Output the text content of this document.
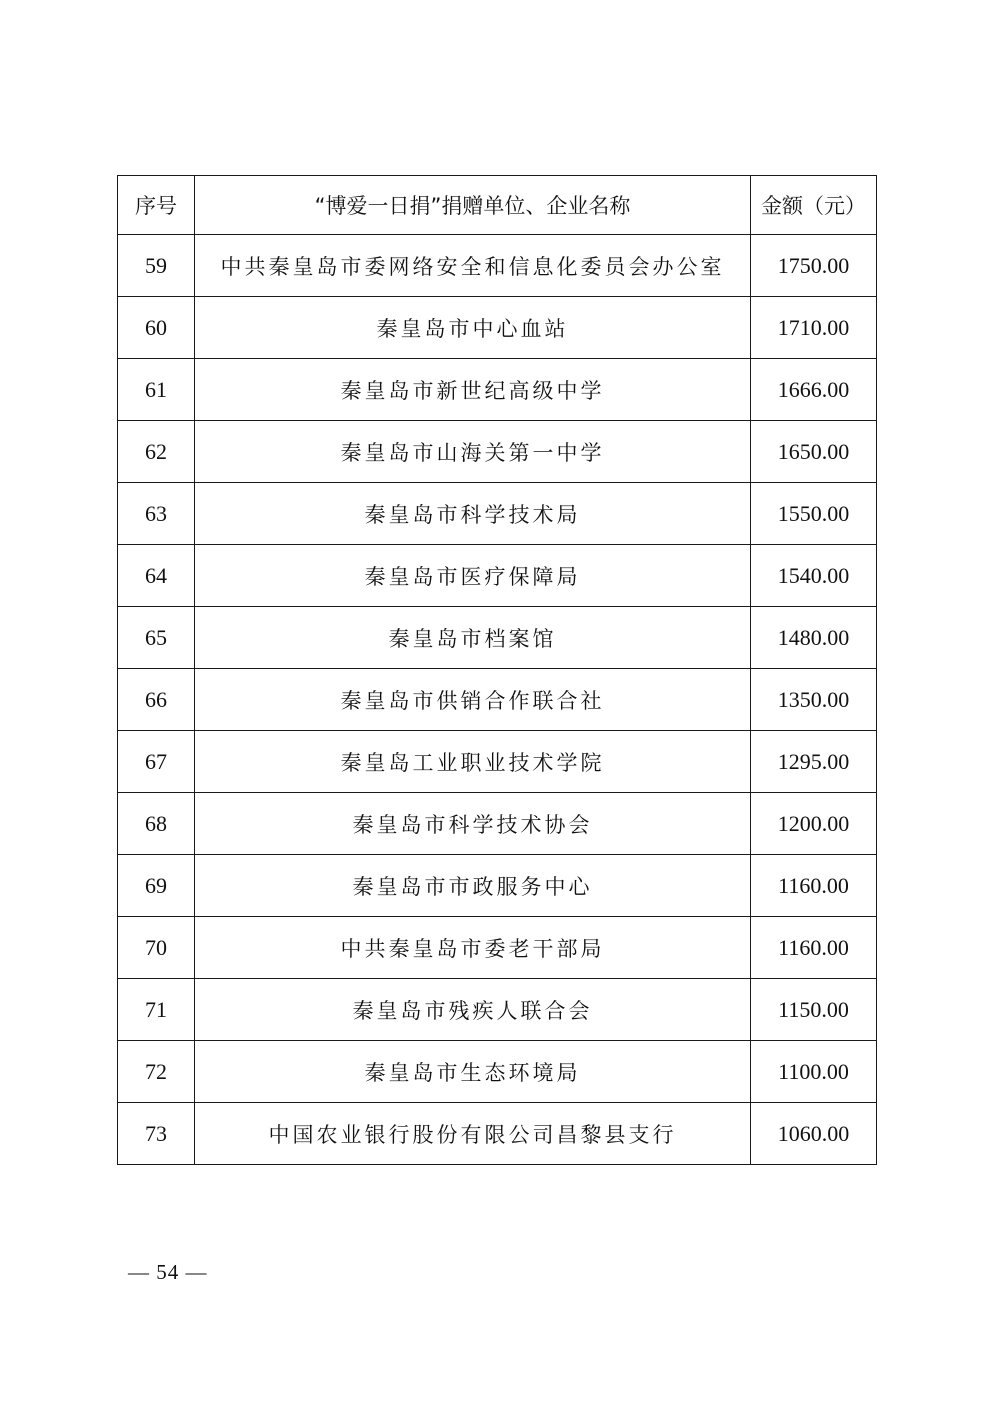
序号	“博爱一日捐”捐赠单位、企业名称	金额（元）
59	中共秦皇岛市委网络安全和信息化委员会办公室	1750.00
60	秦皇岛市中心血站	1710.00
61	秦皇岛市新世纪高级中学	1666.00
62	秦皇岛市山海关第一中学	1650.00
63	秦皇岛市科学技术局	1550.00
64	秦皇岛市医疗保障局	1540.00
65	秦皇岛市档案馆	1480.00
66	秦皇岛市供销合作联合社	1350.00
67	秦皇岛工业职业技术学院	1295.00
68	秦皇岛市科学技术协会	1200.00
69	秦皇岛市市政服务中心	1160.00
70	中共秦皇岛市委老干部局	1160.00
71	秦皇岛市残疾人联合会	1150.00
72	秦皇岛市生态环境局	1100.00
73	中国农业银行股份有限公司昌黎县支行	1060.00
— 54 —
